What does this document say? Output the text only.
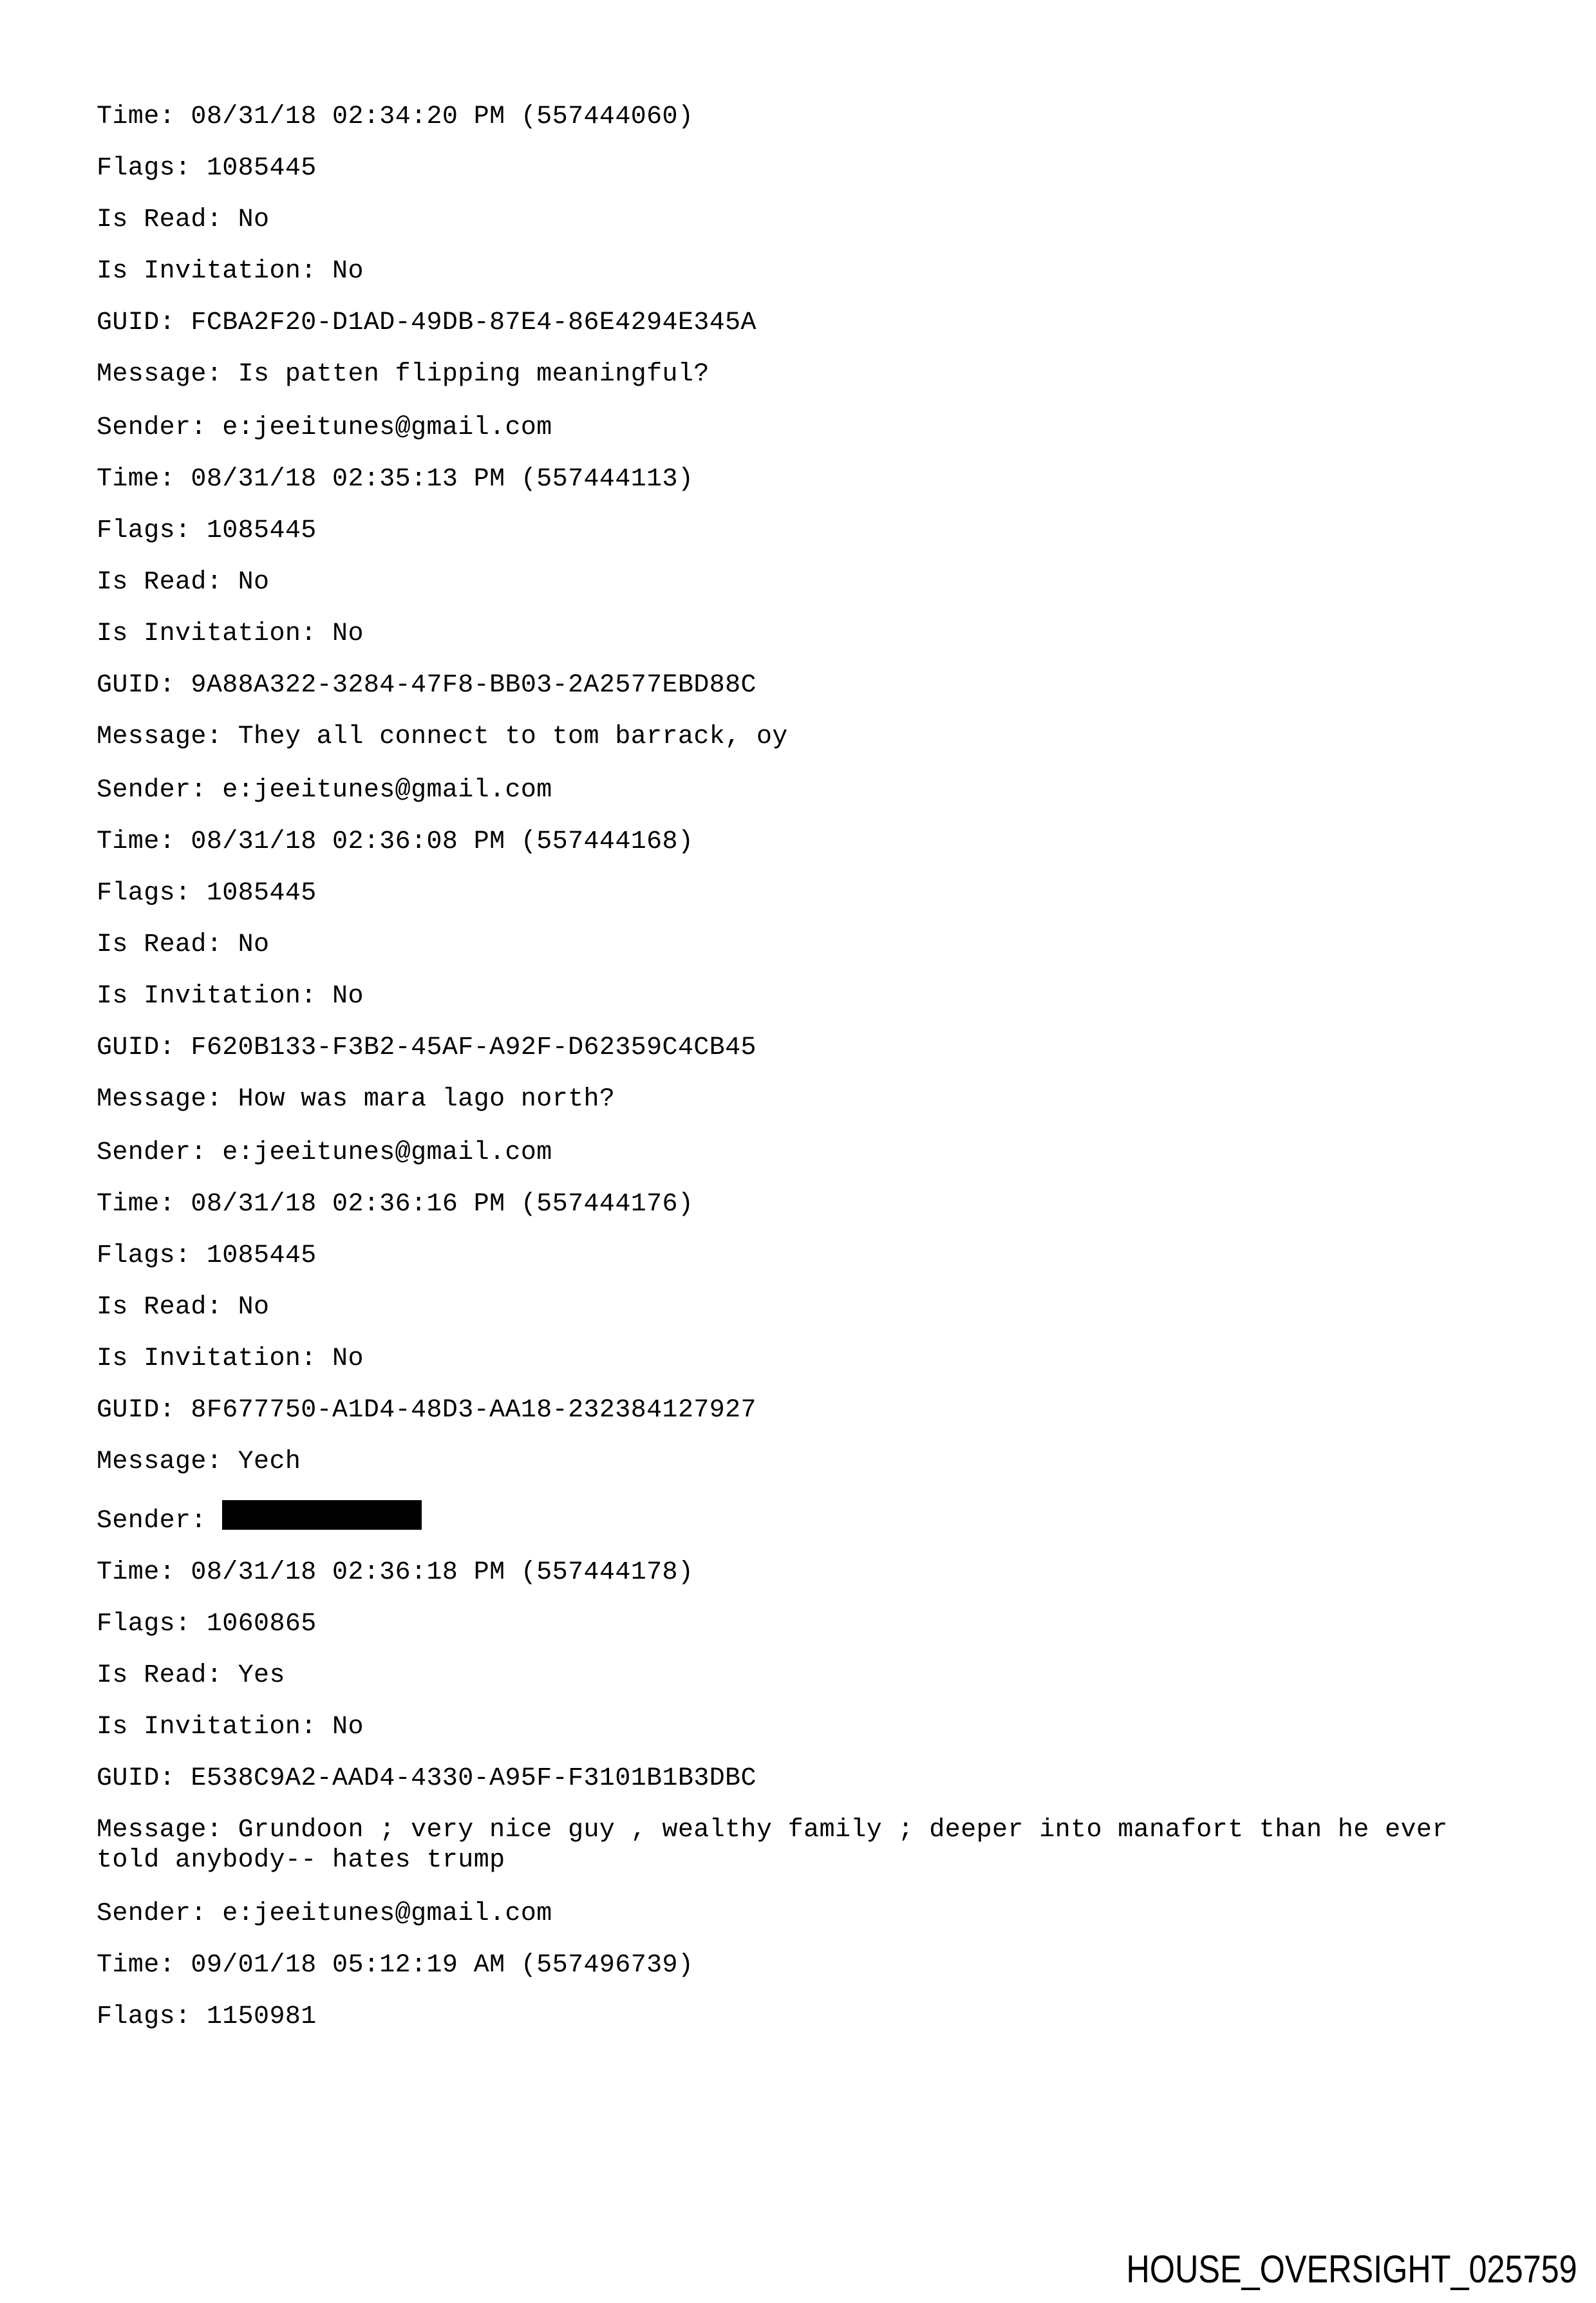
Time: 08/31/18 02:34:20 PM (557444060)

Flags: 1085445

Is Read: No

Is Invitation: No

GUID: FCBA2F20-D1AD-49DB-87E4-86E4294E345A

Message: Is patten flipping meaningful?

Sender: e:jeeitunes@gmail.com

Time: 08/31/18 02:35:13 PM (557444113)

Flags: 1085445

Is Read: No

Is Invitation: No

GUID: 9A88A322-3284-47F8-BB03-2A2577EBD88C

Message: They all connect to tom barrack, oy

Sender: e:jeeitunes@gmail.com

Time: 08/31/18 02:36:08 PM (557444168)

Flags: 1085445

Is Read: No

Is Invitation: No

GUID: F620B133-F3B2-45AF-A92F-D62359C4CB45

Message: How was mara lago north?

Sender: e:jeeitunes@gmail.com

Time: 08/31/18 02:36:16 PM (557444176)

Flags: 1085445

Is Read: No

Is Invitation: No

GUID: 8F677750-A1D4-48D3-AA18-232384127927

Message: Yech

Sender:

Time: 08/31/18 02:36:18 PM (557444178)

Flags: 1060865

Is Read: Yes

Is Invitation: No

GUID: E538C9A2-AAD4-4330-A95F-F3101B1B3DBC

Message: Grundoon ; very nice guy , wealthy family ; deeper into manafort than he ever told anybody-- hates trump

Sender: e:jeeitunes@gmail.com

Time: 09/01/18 05:12:19 AM (557496739)

Flags: 1150981

HOUSE_OVERSIGHT_025759
